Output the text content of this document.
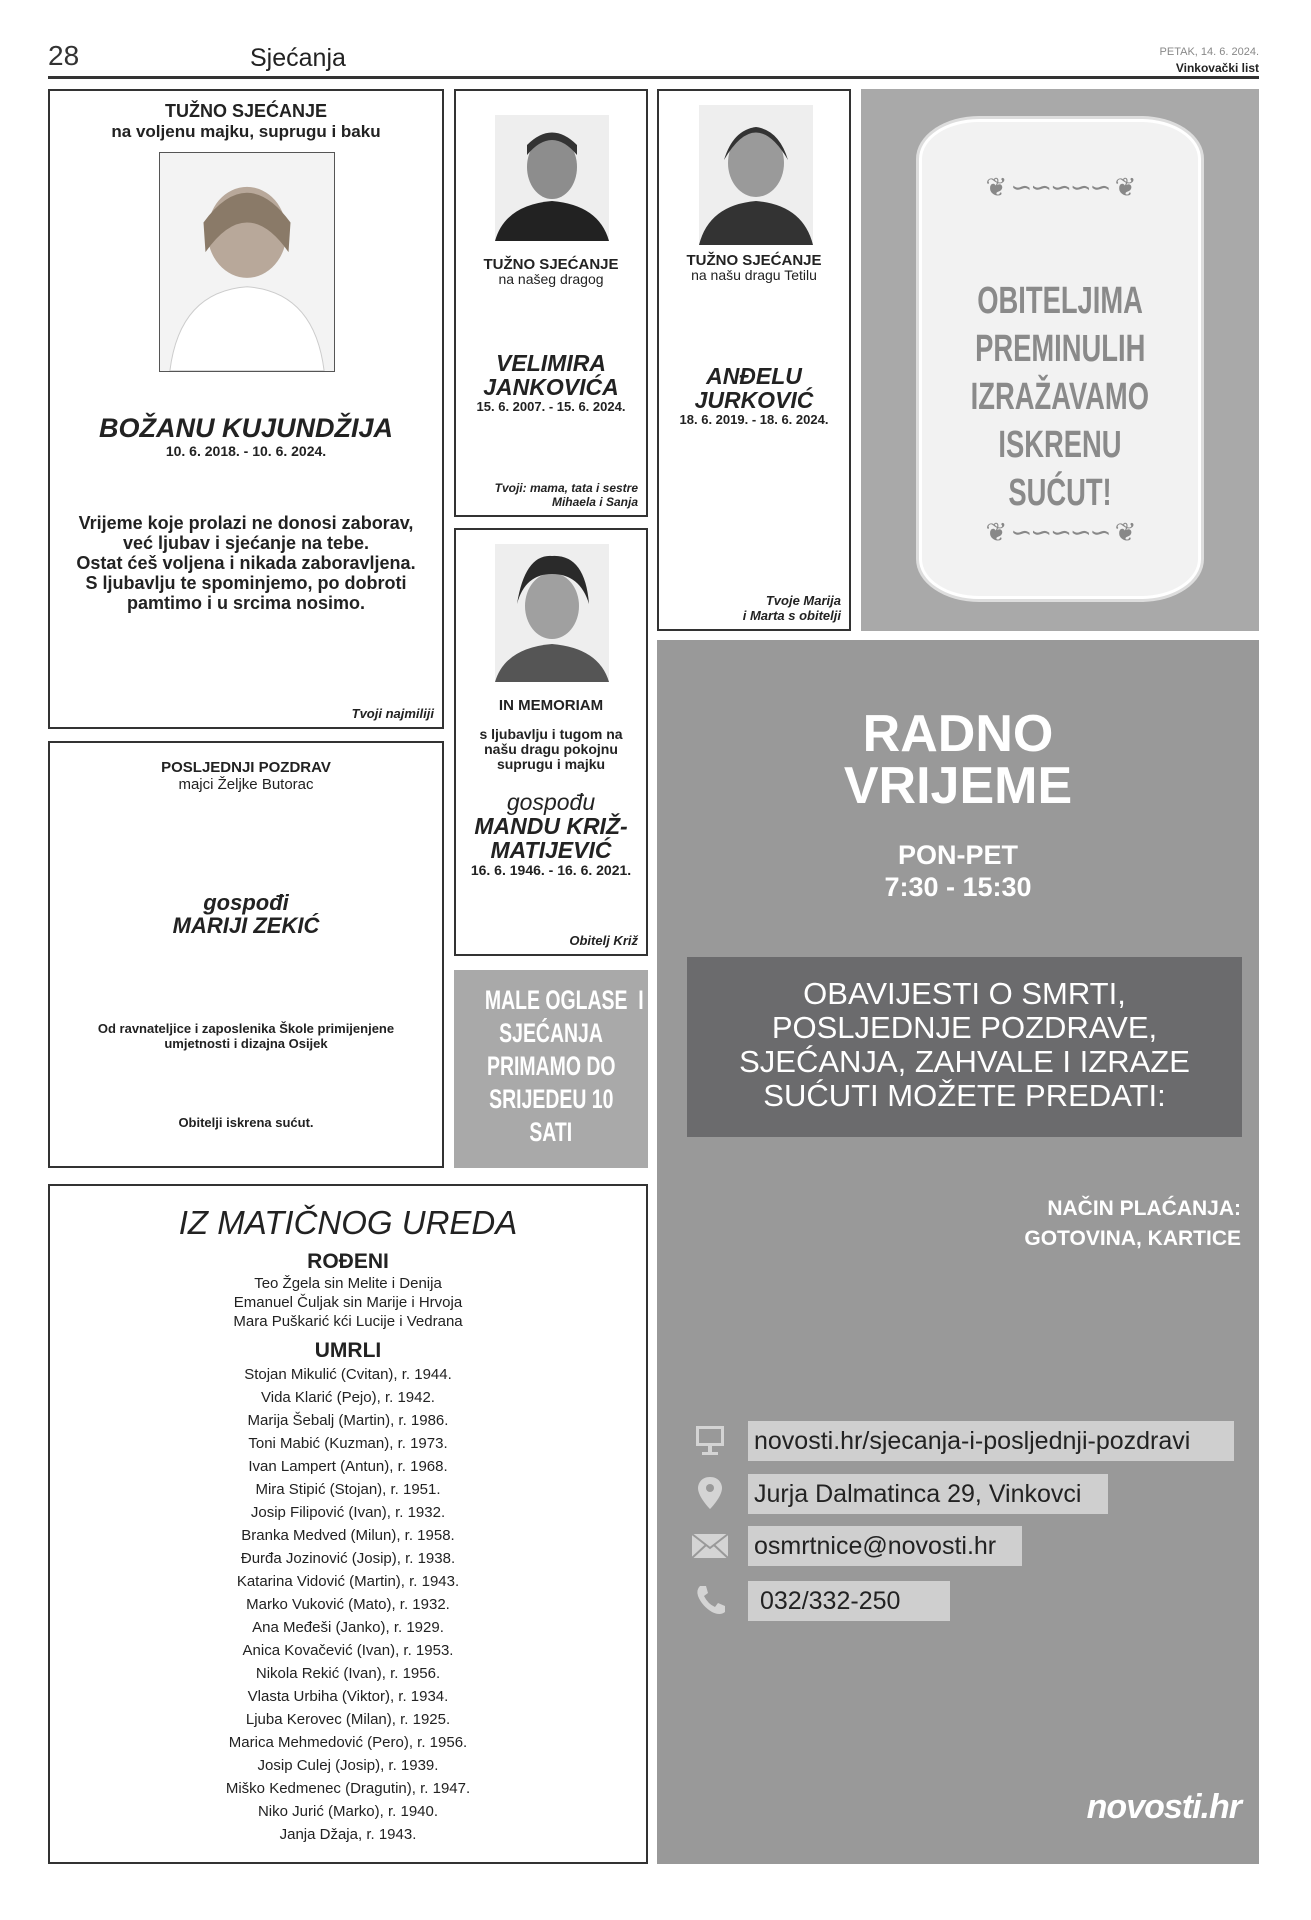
28	Sjećanja	PETAK, 14. 6. 2024.
Vinkovački list
TUŽNO SJEĆANJE
na voljenu majku, suprugu i baku
BOŽANU KUJUNDŽIJA
10. 6. 2018. - 10. 6. 2024.
Vrijeme koje prolazi ne donosi zaborav,
već ljubav i sjećanje na tebe.
Ostat ćeš voljena i nikada zaboravljena.
S ljubavlju te spominjemo, po dobroti
pamtimo i u srcima nosimo.
Tvoji najmiliji
TUŽNO SJEĆANJE
na našeg dragog
VELIMIRA
JANKOVIĆA
15. 6. 2007. - 15. 6. 2024.
Tvoji: mama, tata i sestre
Mihaela i Sanja
TUŽNO SJEĆANJE
na našu dragu Tetilu
ANĐELU
JURKOVIĆ
18. 6. 2019. - 18. 6. 2024.
Tvoje Marija
i Marta s obitelji
❦ ∽∽∽∽∽ ❦
OBITELJIMA
PREMINULIH
IZRAŽAVAMO
ISKRENU SUĆUT!
❦ ∽∽∽∽∽ ❦
IN MEMORIAM
s ljubavlju i tugom na
našu dragu pokojnu
suprugu i majku
gospođu
MANDU KRIŽ-
MATIJEVIĆ
16. 6. 1946. - 16. 6. 2021.
Obitelj Križ
POSLJEDNJI POZDRAV
majci Željke Butorac
gospođi
MARIJI ZEKIĆ
Od ravnateljice i zaposlenika Škole primijenjene
umjetnosti i dizajna Osijek
Obitelji iskrena sućut.
MALE OGLASE  I
SJEĆANJA
PRIMAMO DO
SRIJEDEU 10
SATI
IZ MATIČNOG UREDA
ROĐENI
Teo Žgela sin Melite i Denija
Emanuel Čuljak sin Marije i Hrvoja
Mara Puškarić kći Lucije i Vedrana
UMRLI
Stojan Mikulić (Cvitan), r. 1944.
Vida Klarić (Pejo), r. 1942.
Marija Šebalj (Martin), r. 1986.
Toni Mabić (Kuzman), r. 1973.
Ivan Lampert (Antun), r. 1968.
Mira Stipić (Stojan), r. 1951.
Josip Filipović (Ivan), r. 1932.
Branka Medved (Milun), r. 1958.
Đurđa Jozinović (Josip), r. 1938.
Katarina Vidović (Martin), r. 1943.
Marko Vuković (Mato), r. 1932.
Ana Međeši (Janko), r. 1929.
Anica Kovačević (Ivan), r. 1953.
Nikola Rekić (Ivan), r. 1956.
Vlasta Urbiha (Viktor), r. 1934.
Ljuba Kerovec (Milan), r. 1925.
Marica Mehmedović (Pero), r. 1956.
Josip Culej (Josip), r. 1939.
Miško Kedmenec (Dragutin), r. 1947.
Niko Jurić (Marko), r. 1940.
Janja Džaja, r. 1943.
RADNO
VRIJEME
PON-PET
7:30 - 15:30
OBAVIJESTI O SMRTI,
POSLJEDNJE POZDRAVE,
SJEĆANJA, ZAHVALE I IZRAZE
SUĆUTI MOŽETE PREDATI:
NAČIN PLAĆANJA:
GOTOVINA, KARTICE
novosti.hr
novosti.hr/sjecanja-i-posljednji-pozdravi
Jurja Dalmatinca 29, Vinkovci
osmrtnice@novosti.hr
032/332-250
